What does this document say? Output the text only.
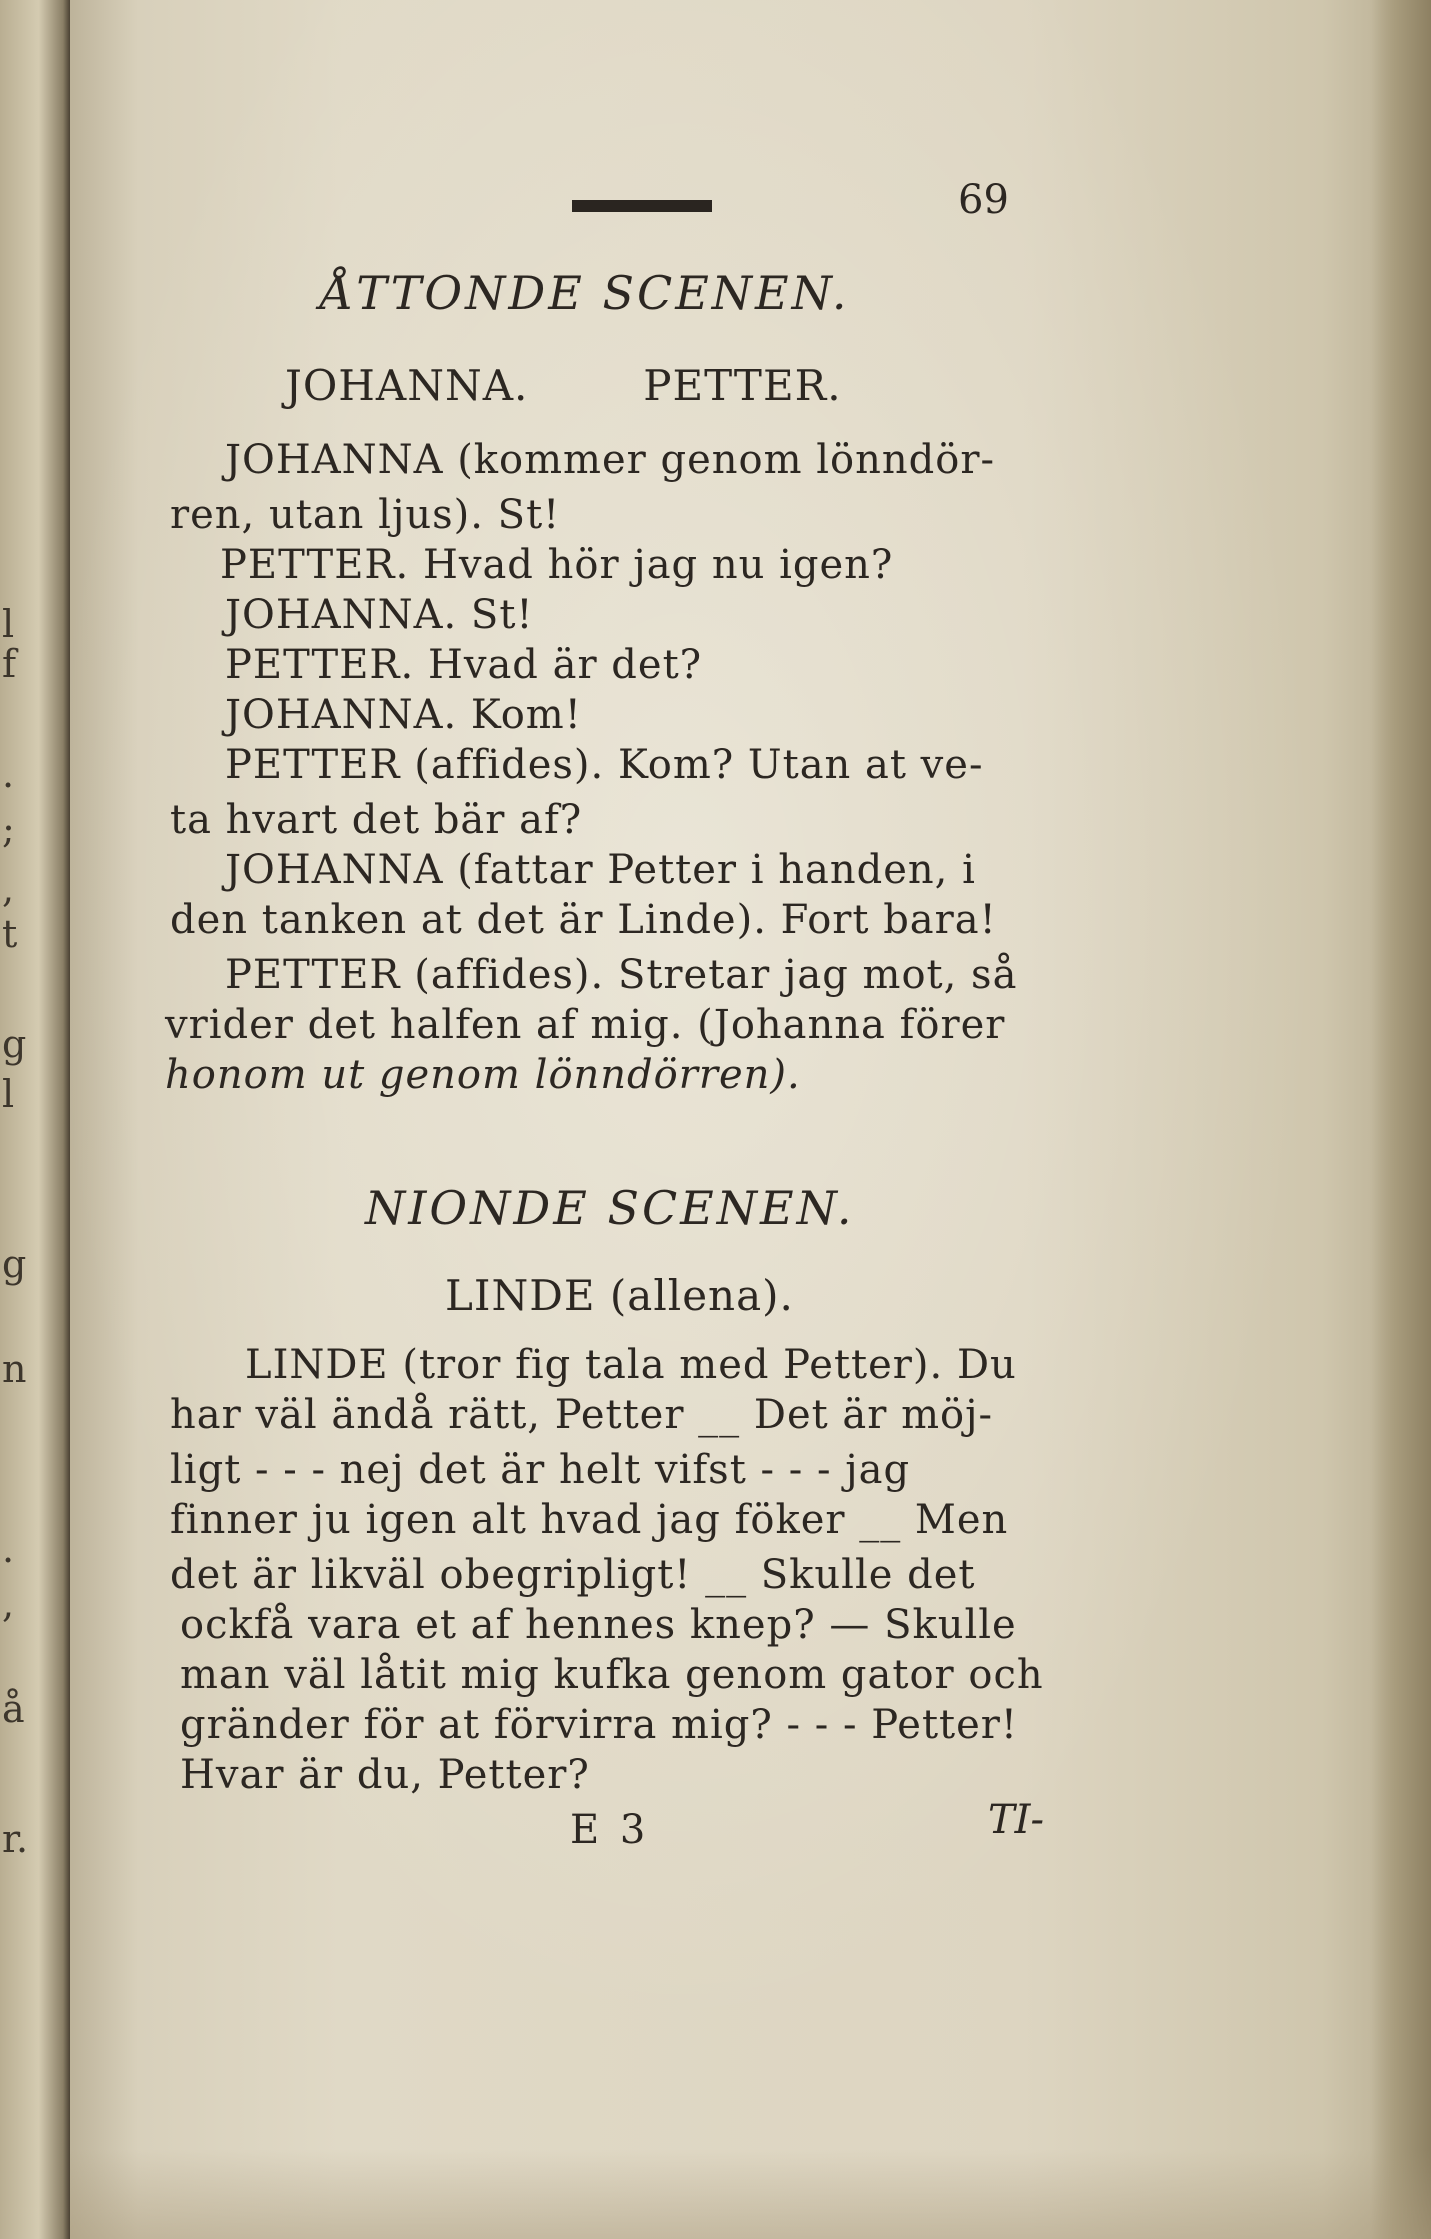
l
f
.
;
,
t
g
l
g
n
.
,
å
r.

69

ÅTTONDE SCENEN.

JOHANNA.        PETTER.

JOHANNA (kommer genom lönndör-

ren, utan ljus). St!

PETTER. Hvad hör jag nu igen?

JOHANNA. St!

PETTER. Hvad är det?

JOHANNA. Kom!

PETTER (affides). Kom? Utan at ve-

ta hvart det bär af?

JOHANNA (fattar Petter i handen, i

den tanken at det är Linde). Fort bara!

PETTER (affides). Stretar jag mot, så

vrider det halfen af mig. (Johanna förer

honom ut genom lönndörren).

NIONDE SCENEN.

LINDE (allena).

LINDE (tror fig tala med Petter). Du

har väl ändå rätt, Petter __ Det är möj-

ligt - - - nej det är helt vifst - - - jag

finner ju igen alt hvad jag föker __ Men

det är likväl obegripligt! __ Skulle det

ockfå vara et af hennes knep? — Skulle

man väl låtit mig kufka genom gator och

gränder för at förvirra mig? - - - Petter!

Hvar är du, Petter?

E 3	TI-
